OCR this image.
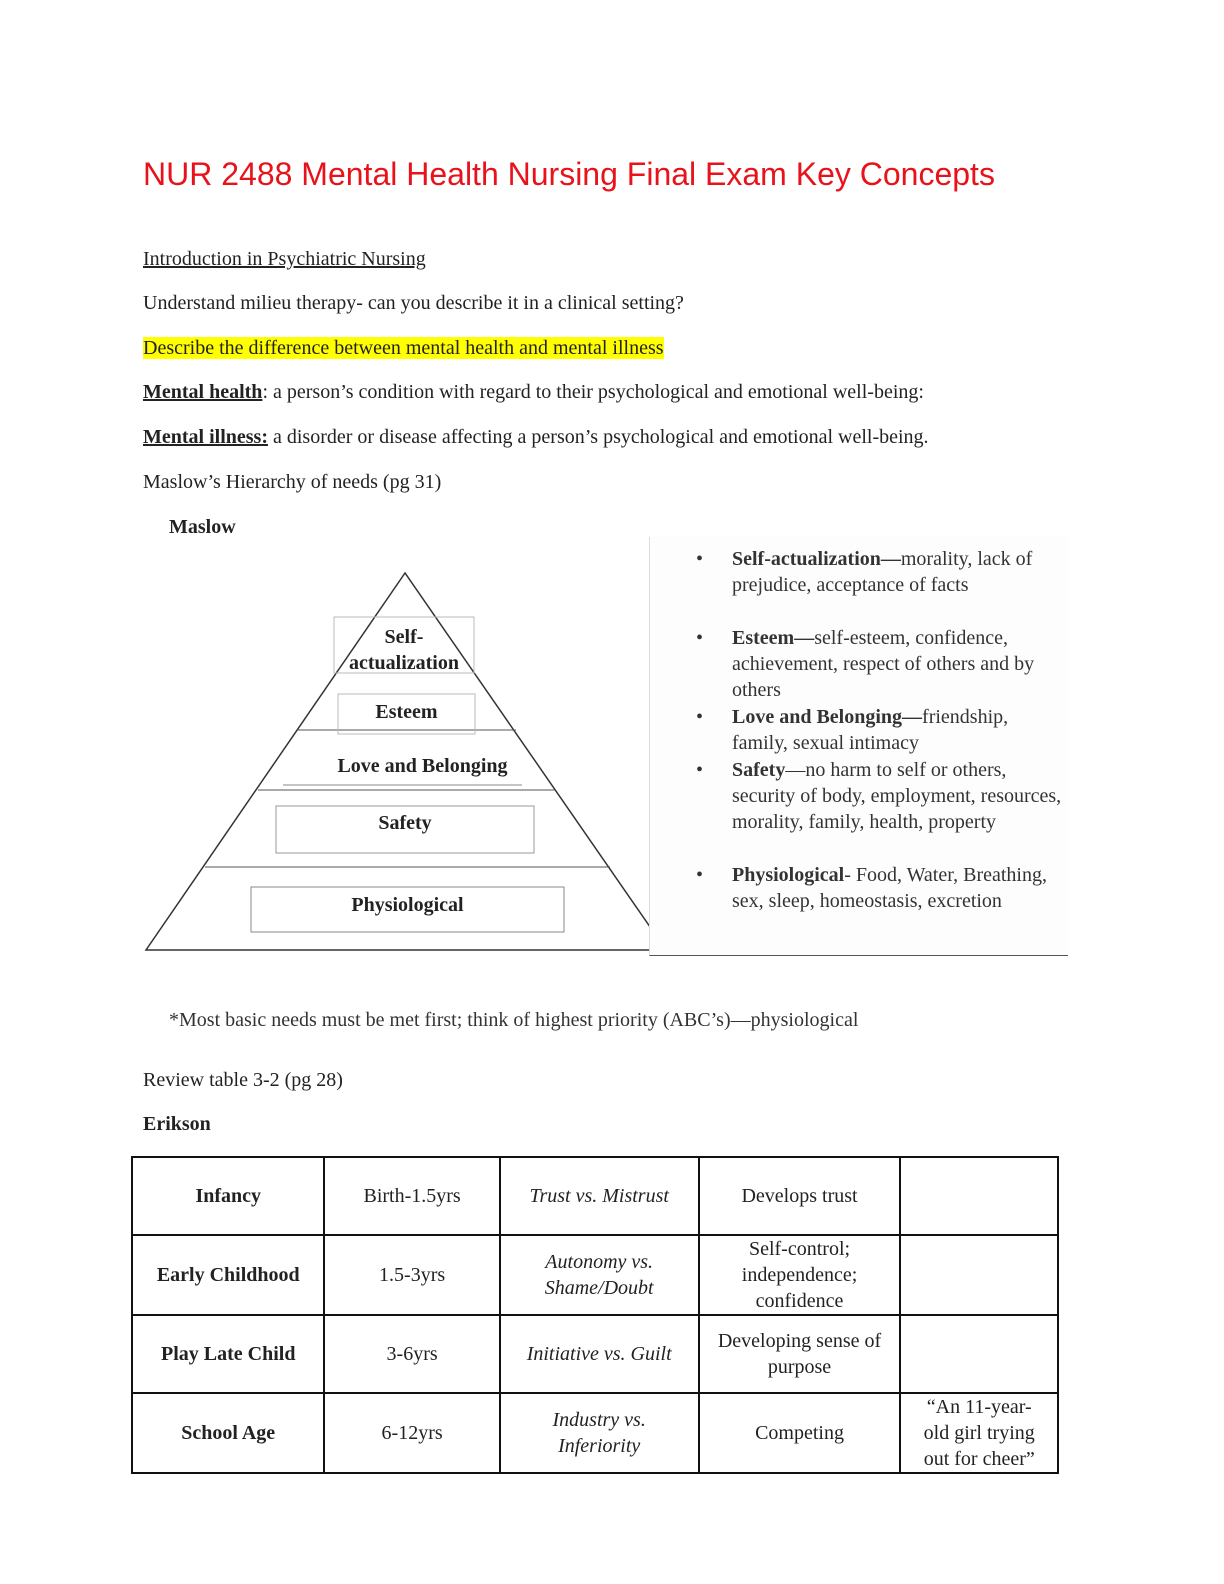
NUR 2488 Mental Health Nursing Final Exam Key Concepts
Introduction in Psychiatric Nursing
Understand milieu therapy- can you describe it in a clinical setting?
Describe the difference between mental health and mental illness
Mental health: a person’s condition with regard to their psychological and emotional well-being:
Mental illness: a disorder or disease affecting a person’s psychological and emotional well-being.
Maslow’s Hierarchy of needs (pg 31)
Maslow
Self-
actualization
Esteem
Love and Belonging
Safety
Physiological
• Self-actualization—morality, lack of prejudice, acceptance of facts
• Esteem—self-esteem, confidence, achievement, respect of others and by others
• Love and Belonging—friendship, family, sexual intimacy
• Safety—no harm to self or others, security of body, employment, resources, morality, family, health, property
• Physiological- Food, Water, Breathing, sex, sleep, homeostasis, excretion
*Most basic needs must be met first; think of highest priority (ABC’s)—physiological
Review table 3-2 (pg 28)
Erikson
Infancy	Birth-1.5yrs	Trust vs. Mistrust	Develops trust	
Early Childhood	1.5-3yrs	Autonomy vs. Shame/Doubt	Self-control; independence; confidence	
Play Late Child	3-6yrs	Initiative vs. Guilt	Developing sense of purpose	
School Age	6-12yrs	Industry vs. Inferiority	Competing	“An 11-year-old girl trying out for cheer”
